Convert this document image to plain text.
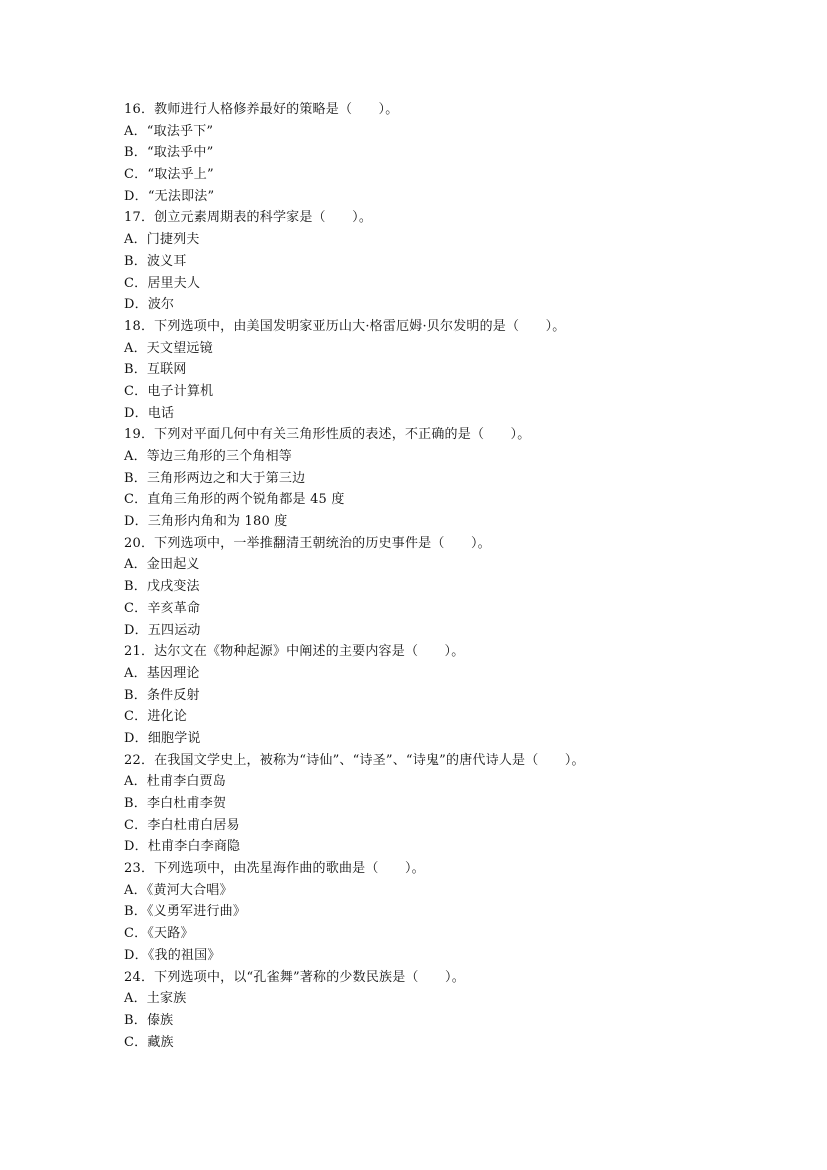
16．教师进行人格修养最好的策略是（　　）。
A．“取法乎下”
B．“取法乎中”
C．“取法乎上”
D．“无法即法”
17．创立元素周期表的科学家是（　　）。
A．门捷列夫
B．波义耳
C．居里夫人
D．波尔
18．下列选项中，由美国发明家亚历山大·格雷厄姆·贝尔发明的是（　　）。
A．天文望远镜
B．互联网
C．电子计算机
D．电话
19．下列对平面几何中有关三角形性质的表述，不正确的是（　　）。
A．等边三角形的三个角相等
B．三角形两边之和大于第三边
C．直角三角形的两个锐角都是 45 度
D．三角形内角和为 180 度
20．下列选项中，一举推翻清王朝统治的历史事件是（　　）。
A．金田起义
B．戊戌变法
C．辛亥革命
D．五四运动
21．达尔文在《物种起源》中阐述的主要内容是（　　）。
A．基因理论
B．条件反射
C．进化论
D．细胞学说
22．在我国文学史上，被称为“诗仙”、“诗圣”、“诗鬼”的唐代诗人是（　　）。
A．杜甫李白贾岛
B．李白杜甫李贺
C．李白杜甫白居易
D．杜甫李白李商隐
23．下列选项中，由冼星海作曲的歌曲是（　　）。
A．《黄河大合唱》
B．《义勇军进行曲》
C．《天路》
D．《我的祖国》
24．下列选项中，以“孔雀舞”著称的少数民族是（　　）。
A．土家族
B．傣族
C．藏族
